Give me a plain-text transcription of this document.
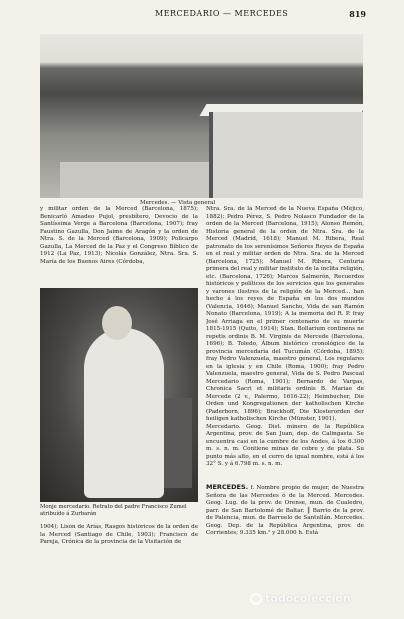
MERCEDARIO — MERCEDES	819
Mercedes. — Vista general
y militar orden de la Merced (Barcelona, 1875); Benicarló Amadeo Pujol, presbítero, Devocio de la Santíssima Verge a Barcelona (Barcelona, 1907); fray Faustino Gazulla, Don Jaime de Aragón y la orden de Ntra. S. de la Merced (Barcelona, 1909); Policarpo Gazulla, La Merced de la Paz y el Congreso Bíblico de 1912 (La Paz, 1913); Nicolás González, Ntra. Sra. S. María de los Buenos Aires (Córdoba,
Ntra. Sra. de la Merced de la Nueva España (Méjico, 1882); Pedro Pérez, S. Pedro Nolasco Fundador de la orden de la Merced (Barcelona, 1915); Alonso Remón, Historia general de la orden de Ntra. Sra. de la Merced (Madrid, 1618); Manuel M. Ribera, Real patronato de los serenísimos Señores Reyes de España en el real y militar orden de Ntra. Sra. de la Merced (Barcelona, 1725); Manuel M. Ribera, Centuria primera del real y militar instituto de la ínclita religión, etc. (Barcelona, 1726); Marcos Salmerón, Recuerdos históricos y políticos de los servicios que los generales y varones ilustres de la religión de la Merced... han hecho á los reyes de España en los dos mundos (Valencia, 1646); Manuel Sancho, Vida de san Ramón Nonato (Barcelona, 1919); A la memoria del R. P. fray José Arriaga en el primer centenario de su muerte 1815-1915 (Quito, 1914); Stan. Bollarium continens ne repetis ordinis B. M. Virginis de Mercede (Barcelona, 1696); B. Toledo, Álbum histórico cronológico de la provincia mercedaria del Tucumán (Córdoba, 1895); fray Pedro Valenzuela, maestro general, Los regulares en la iglesia y en Chile (Roma, 1900); fray Pedro Valenzuela, maestro general, Vida de S. Pedro Pascual Mercedario (Roma, 1901); Bernardo de Vargas, Chronica Sacri et militaris ordinis B. Mariae de Mercede (2 v., Palermo, 1616-22); Heimbucher, Die Orden und Kongregationen der katholischen Kirche (Paderborn, 1896); Brackhoff, Die Klosterorden der heiligen katholischen Kirche (Münster, 1901).
Mercedario. Geog. Dist. minero de la República Argentina, prov. de San Juan, dep. de Calingasta. Se encuentra casi en la cumbre de los Andes, á los 6.300 m. s. n. m. Contiene minas de cobre y de plata. Su punto más alto, en el cerro de igual nombre, está á los 32° S. y á 6.798 m. s. n. m.
Monje mercedario. Retrato del padre Francisco Zumel atribuído á Zurbarán
1904); Lisón de Arias, Rasgos históricos de la orden de la Merced (Santiago de Chile, 1903); Francisco de Pareja, Crónica de la provincia de la Visitación de
MERCEDES. f. Nombre propio de mujer, de Nuestra Señora de las Mercedes ó de la Merced. Mercedes. Geog. Lug. de la prov. de Orense, mun. de Cualedro, parr. de San Bartolomé de Baltar. ║ Barrio de la prov. de Palencia, mun. de Barruelo de Santullán. Mercedes. Geog. Dep. de la República Argentina, prov. de Corrientes; 9.335 km.² y 28.000 h. Está
todocoleccion
